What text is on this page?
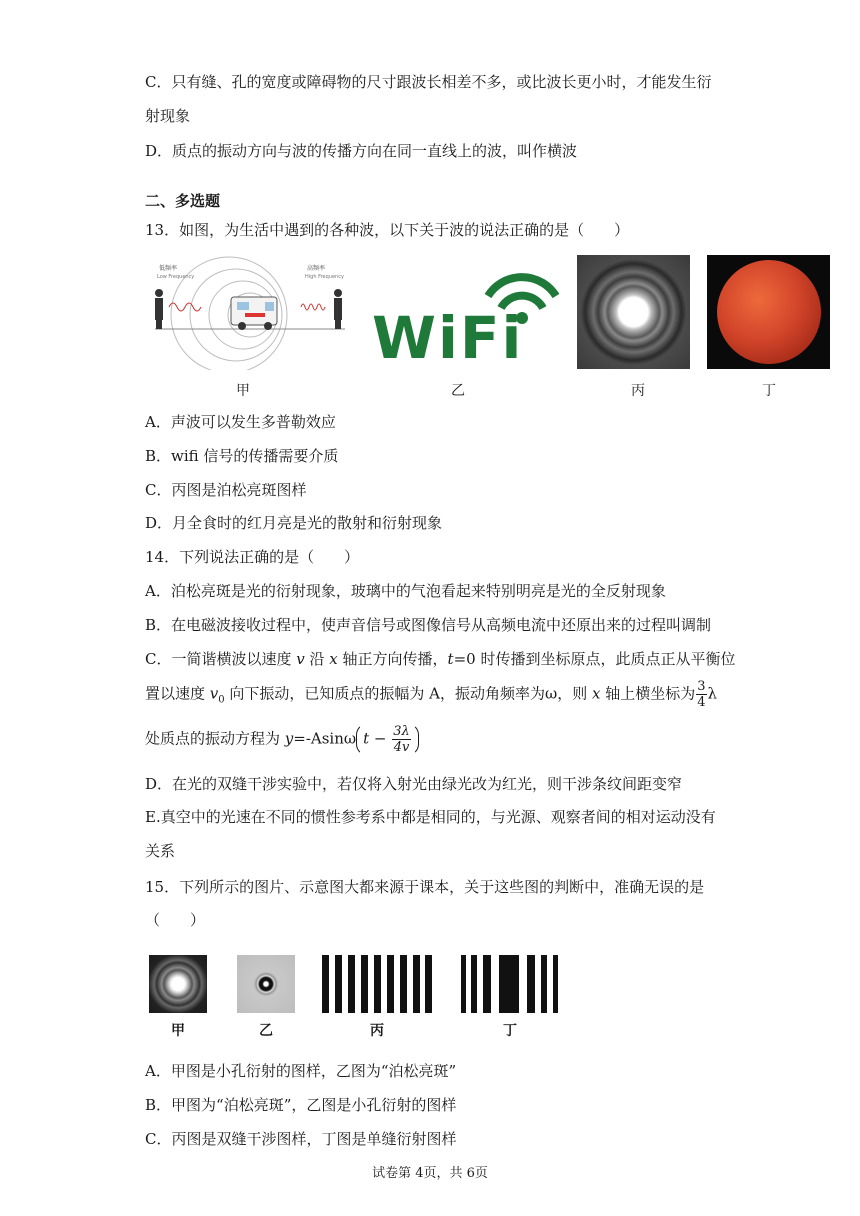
C．只有缝、孔的宽度或障碍物的尺寸跟波长相差不多，或比波长更小时，才能发生衍
射现象
D．质点的振动方向与波的传播方向在同一直线上的波，叫作横波
二、多选题
13．如图，为生活中遇到的各种波，以下关于波的说法正确的是（　　）
低频率
Low Frequency
高频率
High Frequency
WiFi
甲	乙	丙	丁
A．声波可以发生多普勒效应
B．wifi 信号的传播需要介质
C．丙图是泊松亮斑图样
D．月全食时的红月亮是光的散射和衍射现象
14．下列说法正确的是（　　）
A．泊松亮斑是光的衍射现象，玻璃中的气泡看起来特别明亮是光的全反射现象
B．在电磁波接收过程中，使声音信号或图像信号从高频电流中还原出来的过程叫调制
C．一简谐横波以速度 v 沿 x 轴正方向传播，t=0 时传播到坐标原点，此质点正从平衡位
置以速度 $v_0$ 向下振动，已知质点的振幅为 A，振动角频率为ω，则 x 轴上横坐标为 $\frac{3}{4}$ λ
处质点的振动方程为 y=-Asinω $t - \frac{3\lambda}{4v}$
D．在光的双缝干涉实验中，若仅将入射光由绿光改为红光，则干涉条纹间距变窄
E.真空中的光速在不同的惯性参考系中都是相同的，与光源、观察者间的相对运动没有
关系
15．下列所示的图片、示意图大都来源于课本，关于这些图的判断中，准确无误的是
（　　）
甲	乙	丙	丁
A．甲图是小孔衍射的图样，乙图为“泊松亮斑”
B．甲图为“泊松亮斑”，乙图是小孔衍射的图样
C．丙图是双缝干涉图样，丁图是单缝衍射图样
试卷第 4页，共 6页
